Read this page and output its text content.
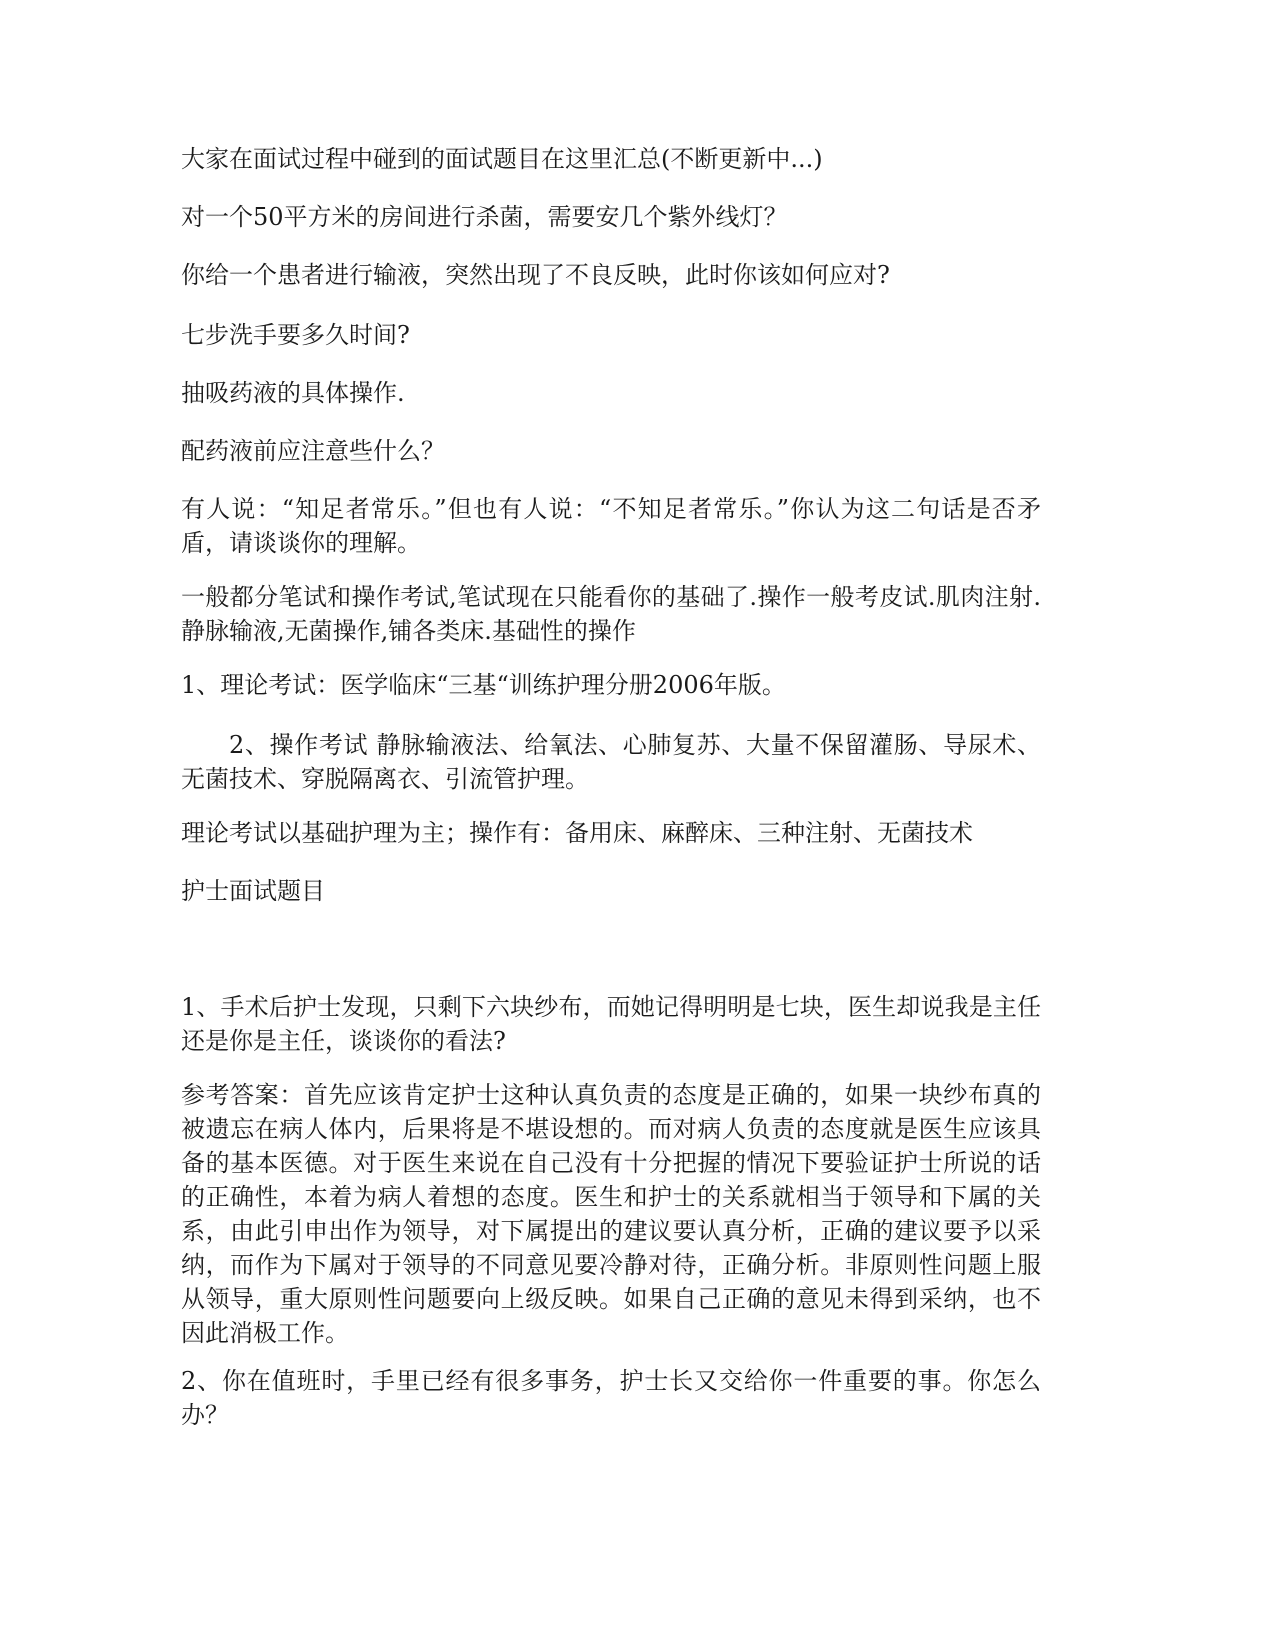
大家在面试过程中碰到的面试题目在这里汇总(不断更新中...)

对一个50平方米的房间进行杀菌，需要安几个紫外线灯？

你给一个患者进行输液，突然出现了不良反映，此时你该如何应对?

七步洗手要多久时间?

抽吸药液的具体操作.

配药液前应注意些什么？

有人说：“知足者常乐。”但也有人说：“不知足者常乐。”你认为这二句话是否矛盾，请谈谈你的理解。

一般都分笔试和操作考试,笔试现在只能看你的基础了.操作一般考皮试.肌肉注射.静脉输液,无菌操作,铺各类床.基础性的操作

1、理论考试：医学临床“三基“训练护理分册2006年版。

2、操作考试 静脉输液法、给氧法、心肺复苏、大量不保留灌肠、导尿术、无菌技术、穿脱隔离衣、引流管护理。

理论考试以基础护理为主；操作有：备用床、麻醉床、三种注射、无菌技术

护士面试题目

1、手术后护士发现，只剩下六块纱布，而她记得明明是七块，医生却说我是主任还是你是主任，谈谈你的看法?

参考答案：首先应该肯定护士这种认真负责的态度是正确的，如果一块纱布真的被遗忘在病人体内，后果将是不堪设想的。而对病人负责的态度就是医生应该具备的基本医德。对于医生来说在自己没有十分把握的情况下要验证护士所说的话的正确性，本着为病人着想的态度。医生和护士的关系就相当于领导和下属的关系，由此引申出作为领导，对下属提出的建议要认真分析，正确的建议要予以采纳，而作为下属对于领导的不同意见要冷静对待，正确分析。非原则性问题上服从领导，重大原则性问题要向上级反映。如果自己正确的意见未得到采纳，也不因此消极工作。

2、你在值班时，手里已经有很多事务，护士长又交给你一件重要的事。你怎么办？
